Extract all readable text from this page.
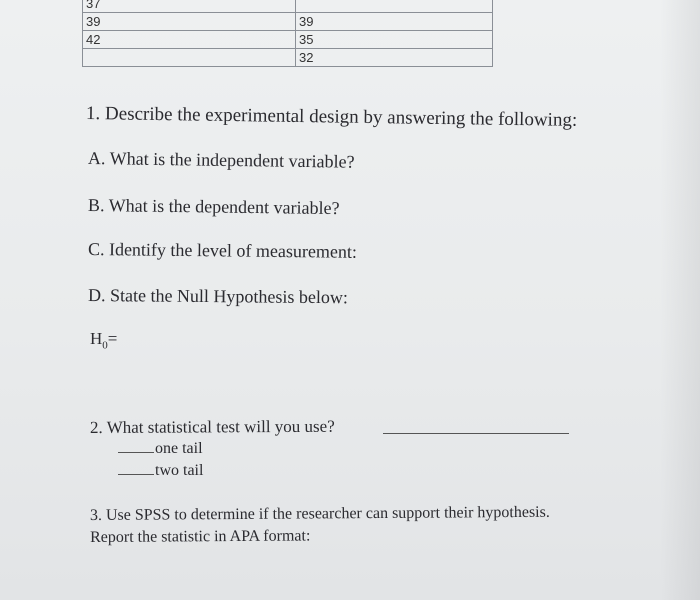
37	
39	39
42	35
	32
1. Describe the experimental design by answering the following:
A. What is the independent variable?
B. What is the dependent variable?
C. Identify the level of measurement:
D. State the Null Hypothesis below:
$H_0=$
2. What statistical test will you use?
one tail
two tail
3. Use SPSS to determine if the researcher can support their hypothesis.
Report the statistic in APA format:
